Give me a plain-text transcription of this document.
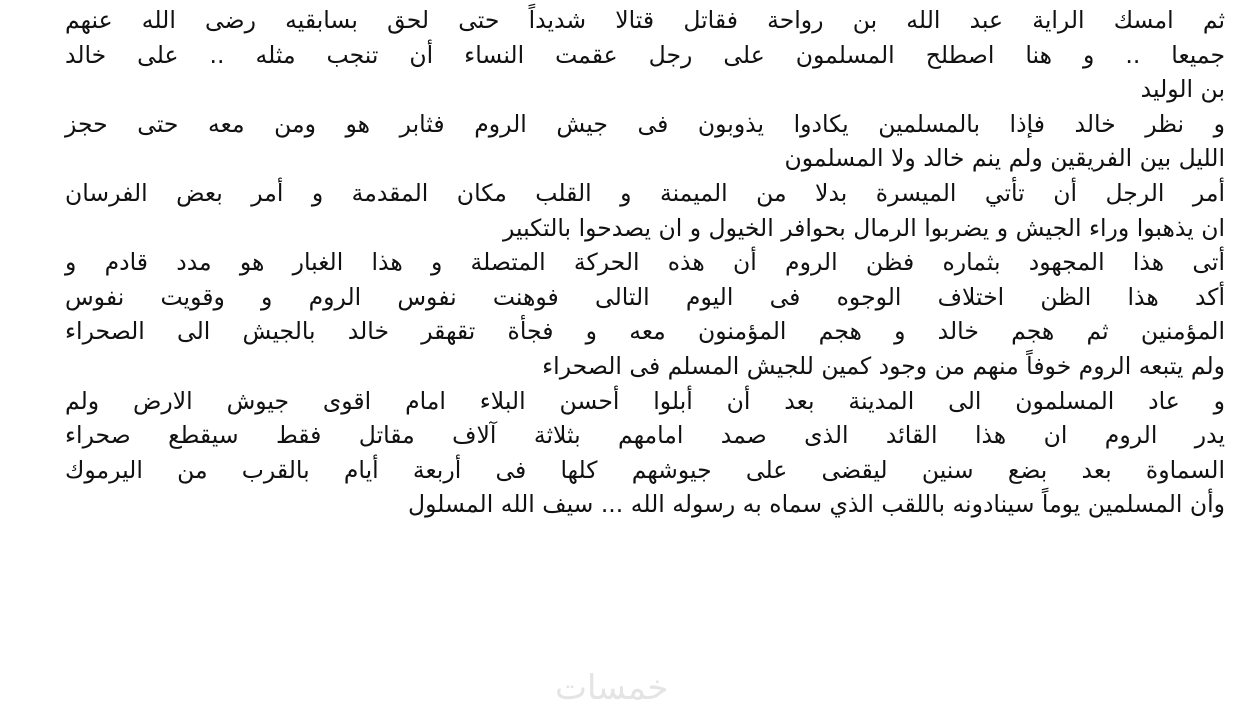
ثم امسك الراية عبد الله بن رواحة فقاتل قتالا شديداً حتى لحق بسابقيه رضى الله عنهم
جميعا .. و هنا اصطلح المسلمون على رجل عقمت النساء أن تنجب مثله .. على خالد
بن الوليد
و نظر خالد فإذا بالمسلمين يكادوا يذوبون فى جيش الروم فثابر هو ومن معه حتى حجز
الليل بين الفريقين ولم ينم خالد ولا المسلمون
أمر الرجل أن تأتي الميسرة بدلا من الميمنة و القلب مكان المقدمة و أمر بعض الفرسان
ان يذهبوا وراء الجيش و يضربوا الرمال بحوافر الخيول و ان يصدحوا بالتكبير
أتى هذا المجهود بثماره فظن الروم أن هذه الحركة المتصلة و هذا الغبار هو مدد قادم و
أكد هذا الظن اختلاف الوجوه فى اليوم التالى فوهنت نفوس الروم و وقويت نفوس
المؤمنين ثم هجم خالد و هجم المؤمنون معه و فجأة تقهقر خالد بالجيش الى الصحراء
ولم يتبعه الروم خوفاً منهم من وجود كمين للجيش المسلم فى الصحراء
و عاد المسلمون الى المدينة بعد أن أبلوا أحسن البلاء امام اقوى جيوش الارض ولم
يدر الروم ان هذا القائد الذى صمد امامهم بثلاثة آلاف مقاتل فقط سيقطع صحراء
السماوة بعد بضع سنين ليقضى على جيوشهم كلها فى أربعة أيام بالقرب من اليرموك
وأن المسلمين يوماً سينادونه باللقب الذي سماه به رسوله الله ... سيف الله المسلول
خمسات
